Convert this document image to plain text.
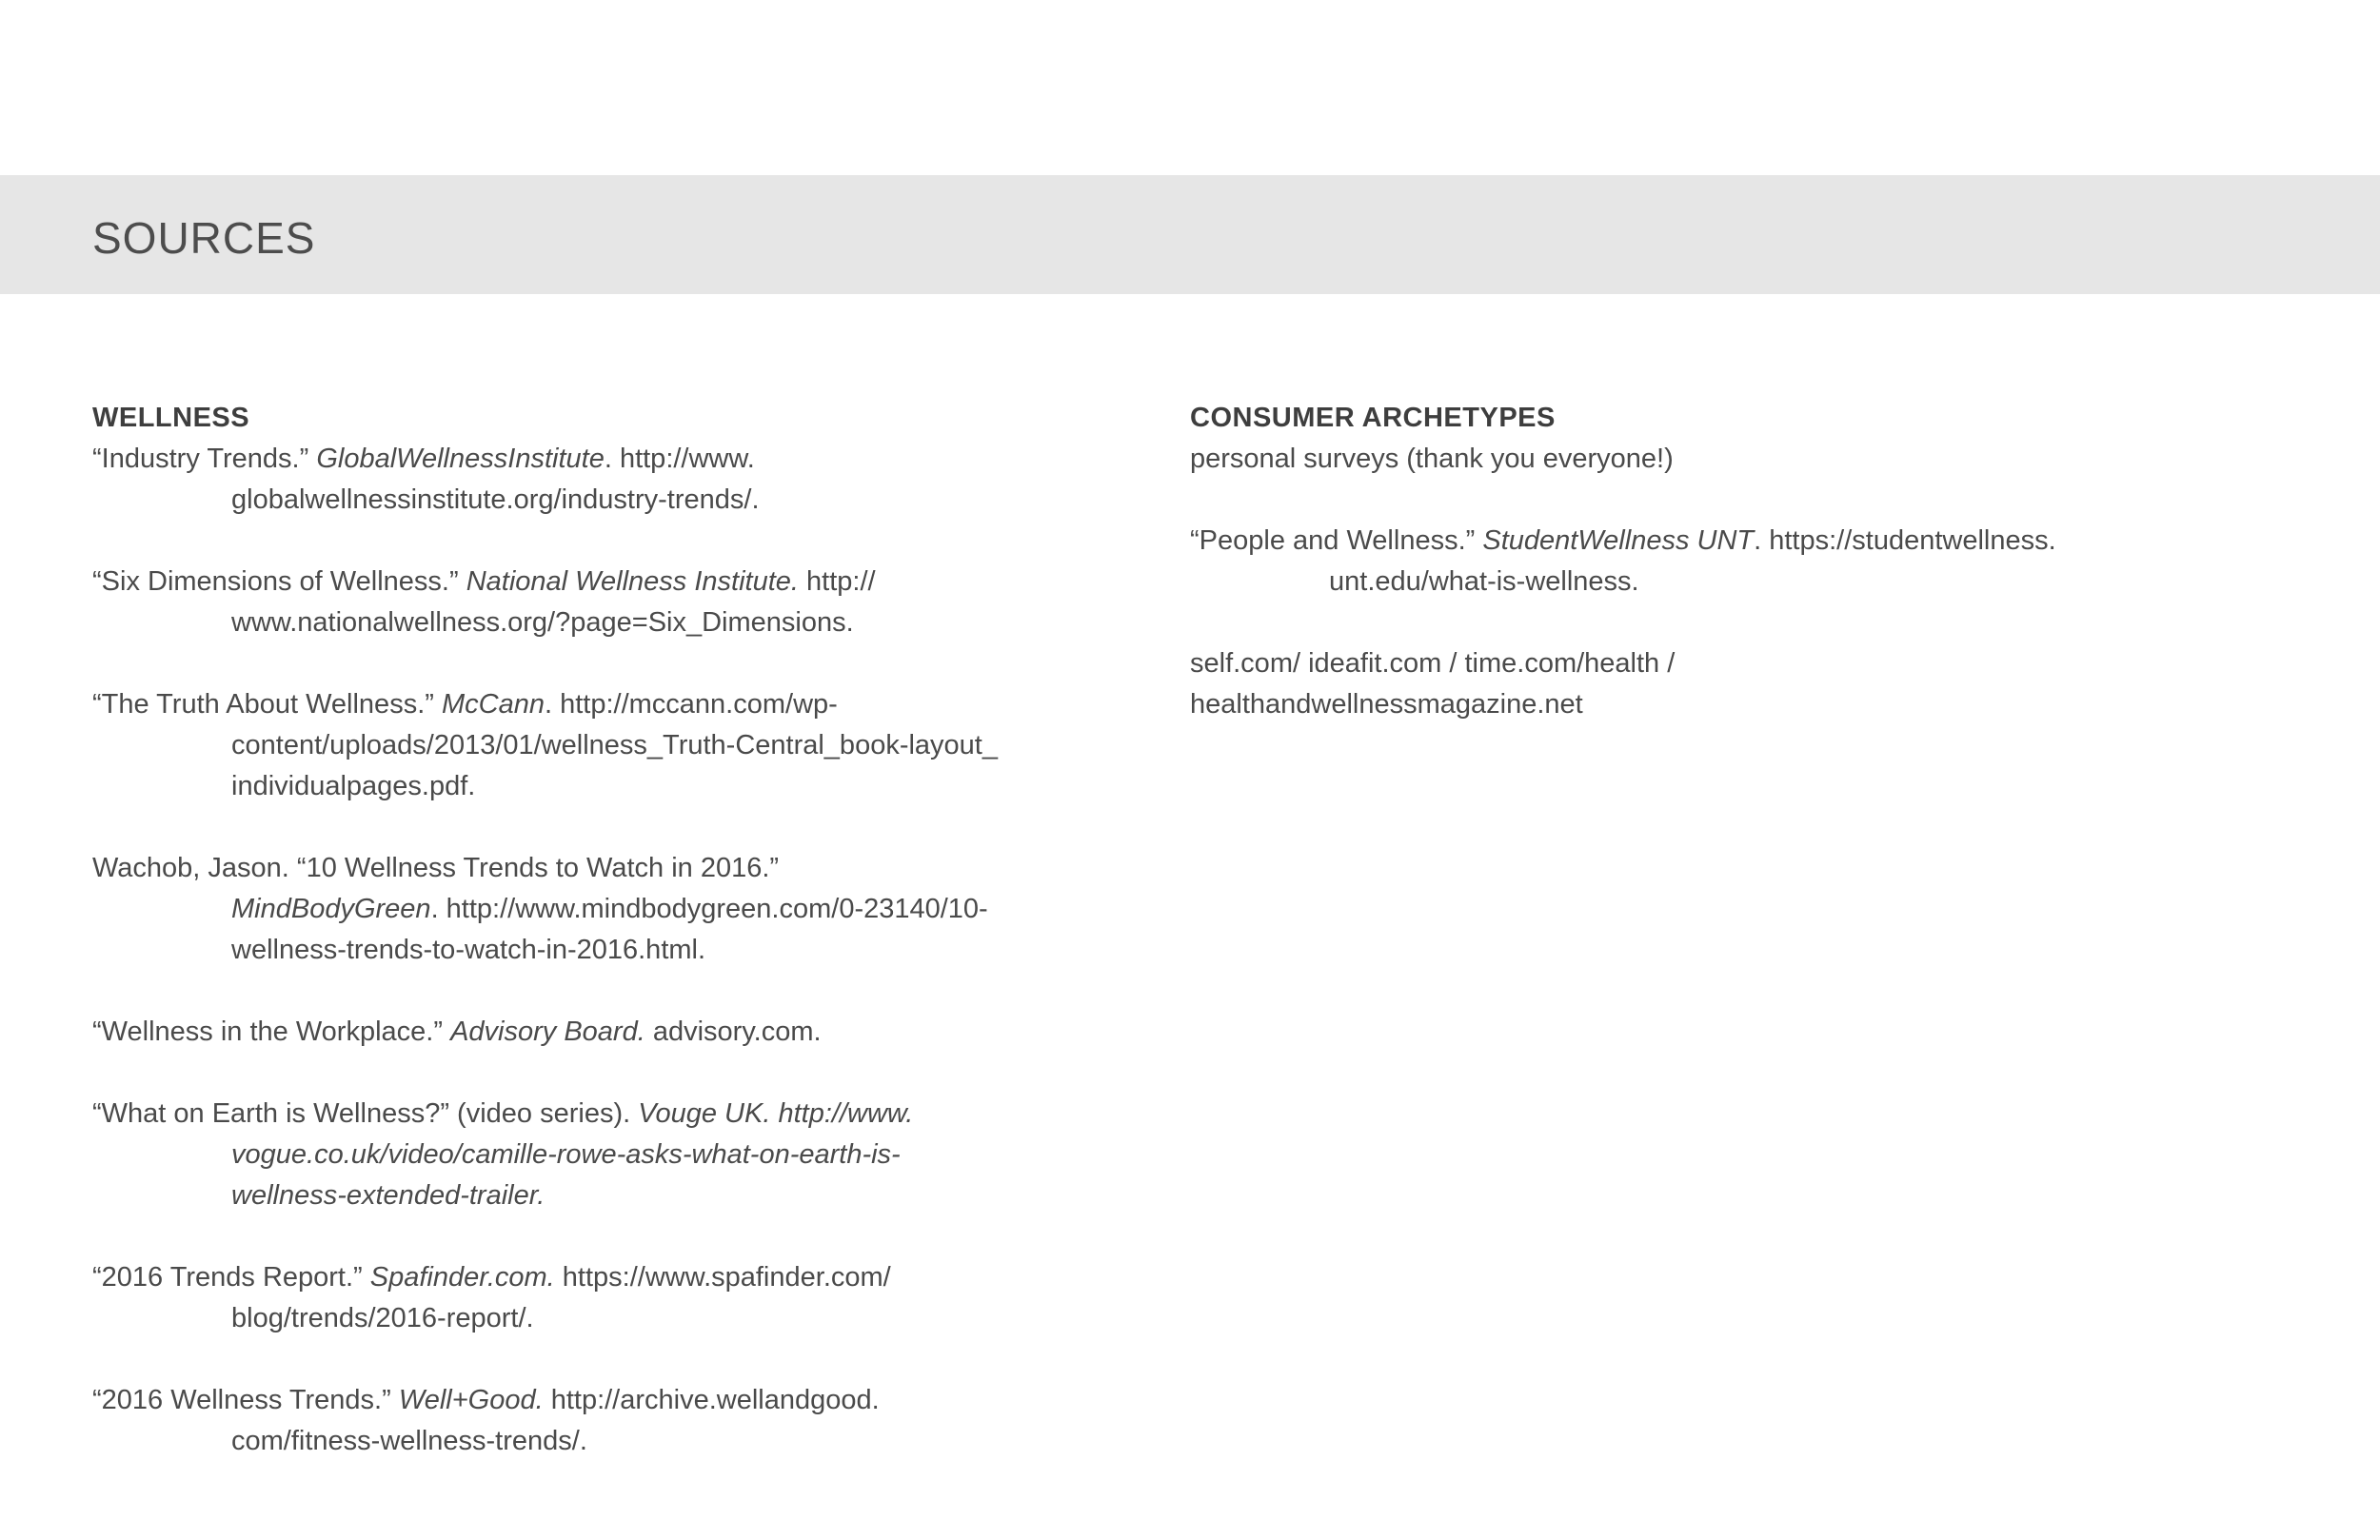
SOURCES
WELLNESS
“Industry Trends.” GlobalWellnessInstitute. http://www.
globalwellnessinstitute.org/industry-trends/.
“Six Dimensions of Wellness.” National Wellness Institute. http://
www.nationalwellness.org/?page=Six_Dimensions.
“The Truth About Wellness.” McCann. http://mccann.com/wp-
content/uploads/2013/01/wellness_Truth-Central_book-layout_
individualpages.pdf.
Wachob, Jason. “10 Wellness Trends to Watch in 2016.”
MindBodyGreen. http://www.mindbodygreen.com/0-23140/10-
wellness-trends-to-watch-in-2016.html.
“Wellness in the Workplace.” Advisory Board. advisory.com.
“What on Earth is Wellness?” (video series). Vouge UK. http://www.
vogue.co.uk/video/camille-rowe-asks-what-on-earth-is-
wellness-extended-trailer.
“2016 Trends Report.” Spafinder.com. https://www.spafinder.com/
blog/trends/2016-report/.
“2016 Wellness Trends.” Well+Good. http://archive.wellandgood.
com/fitness-wellness-trends/.
CONSUMER ARCHETYPES
personal surveys (thank you everyone!)
“People and Wellness.” StudentWellness UNT. https://studentwellness.
unt.edu/what-is-wellness.
self.com/ ideafit.com / time.com/health /
healthandwellnessmagazine.net
